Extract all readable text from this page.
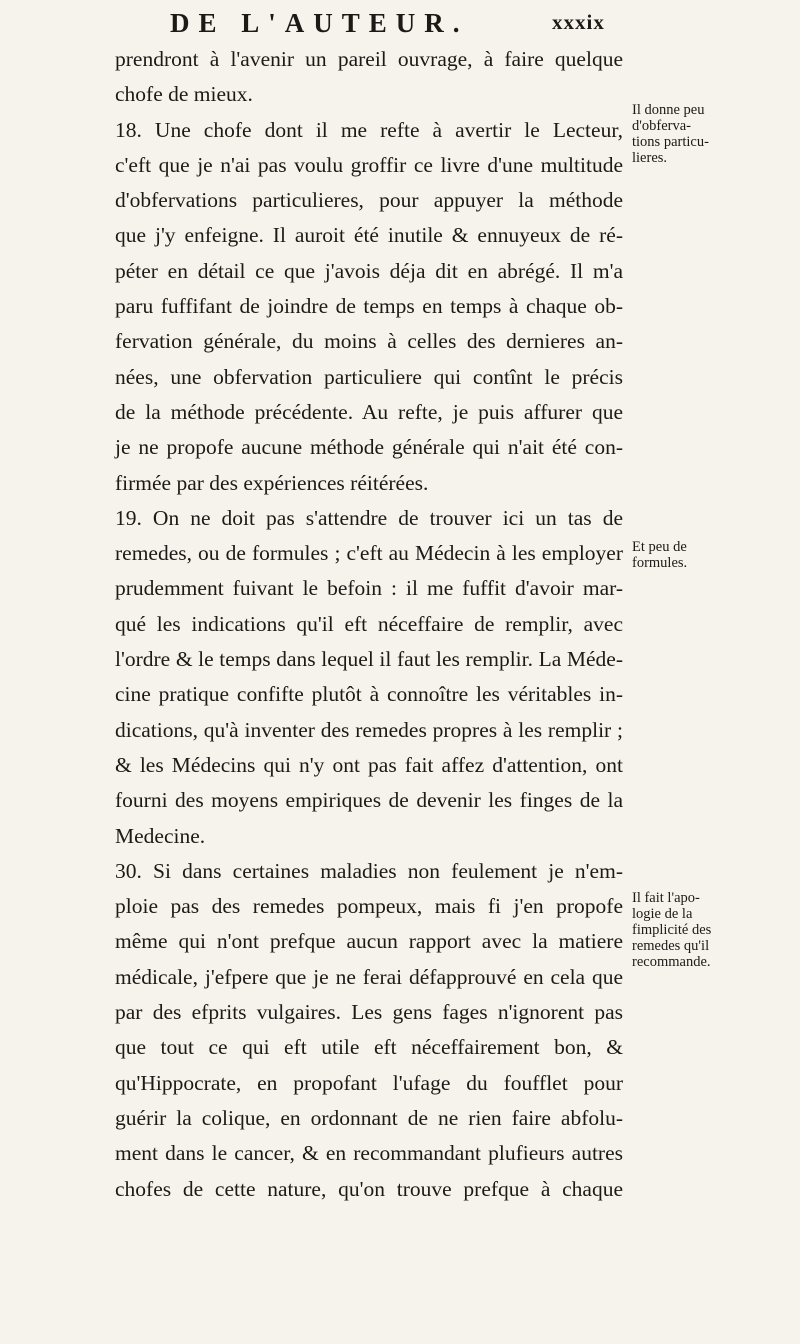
DE L'AUTEUR.	xxxix
prendront à l'avenir un pareil ouvrage, à faire quelque
chofe de mieux.
18. Une chofe dont il me refte à avertir le Lecteur,
c'eft que je n'ai pas voulu groffir ce livre d'une multitude
d'obfervations particulieres, pour appuyer la méthode
que j'y enfeigne. Il auroit été inutile & ennuyeux de ré-
péter en détail ce que j'avois déja dit en abrégé. Il m'a
paru fuffifant de joindre de temps en temps à chaque ob-
fervation générale, du moins à celles des dernieres an-
nées, une obfervation particuliere qui contînt le précis
de la méthode précédente. Au refte, je puis affurer que
je ne propofe aucune méthode générale qui n'ait été con-
firmée par des expériences réitérées.
19. On ne doit pas s'attendre de trouver ici un tas de
remedes, ou de formules ; c'eft au Médecin à les employer
prudemment fuivant le befoin : il me fuffit d'avoir mar-
qué les indications qu'il eft néceffaire de remplir, avec
l'ordre & le temps dans lequel il faut les remplir. La Méde-
cine pratique confifte plutôt à connoître les véritables in-
dications, qu'à inventer des remedes propres à les remplir ;
& les Médecins qui n'y ont pas fait affez d'attention, ont
fourni des moyens empiriques de devenir les finges de la
Medecine.
30. Si dans certaines maladies non feulement je n'em-
ploie pas des remedes pompeux, mais fi j'en propofe
même qui n'ont prefque aucun rapport avec la matiere
médicale, j'efpere que je ne ferai défapprouvé en cela que
par des efprits vulgaires. Les gens fages n'ignorent pas
que tout ce qui eft utile eft néceffairement bon, &
qu'Hippocrate, en propofant l'ufage du foufflet pour
guérir la colique, en ordonnant de ne rien faire abfolu-
ment dans le cancer, & en recommandant plufieurs autres
chofes de cette nature, qu'on trouve prefque à chaque
Il donne peu
d'obferva-
tions particu-
lieres.
Et peu de
formules.
Il fait l'apo-
logie de la
fimplicité des
remedes qu'il
recommande.
